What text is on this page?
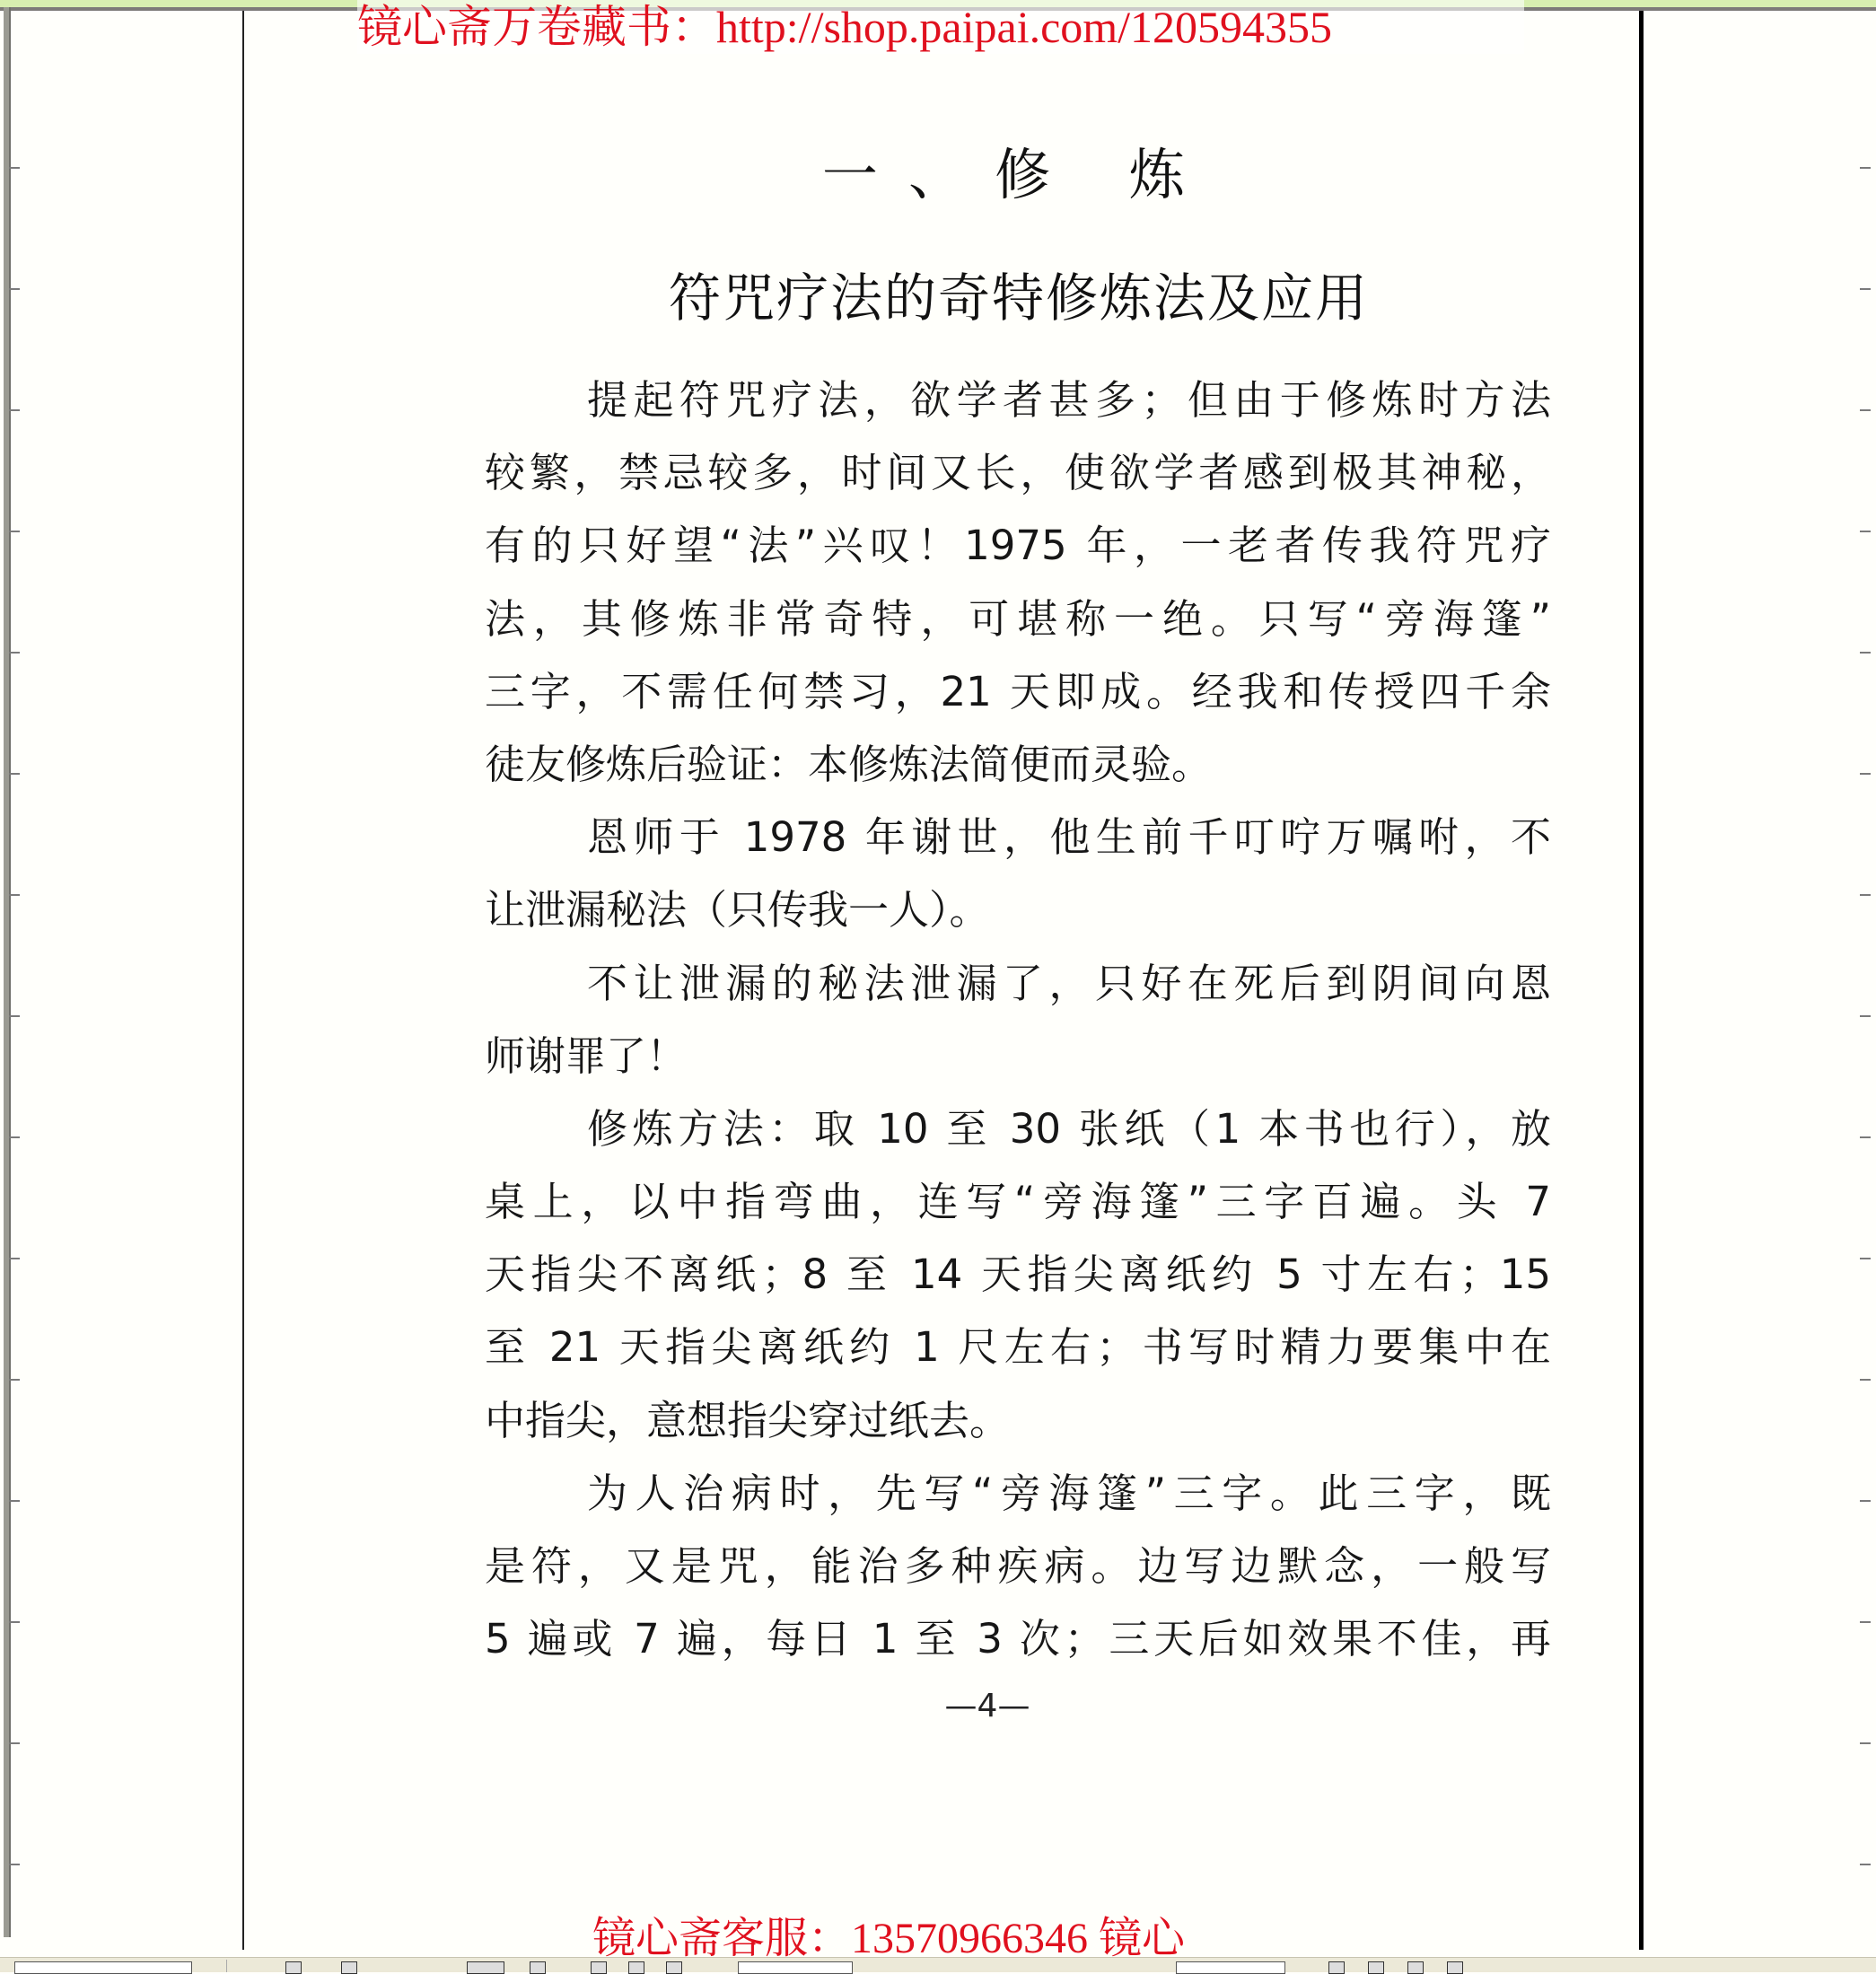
镜心斋万卷藏书：http://shop.paipai.com/120594355
一、修 炼
符咒疗法的奇特修炼法及应用
提起符咒疗法，欲学者甚多；但由于修炼时方法
较繁，禁忌较多，时间又长，使欲学者感到极其神秘，
有的只好望“法”兴叹！1975 年，一老者传我符咒疗
法，其修炼非常奇特，可堪称一绝。只写“旁海篷”
三字，不需任何禁习，21 天即成。经我和传授四千余
徒友修炼后验证：本修炼法简便而灵验。
恩师于 1978 年谢世，他生前千叮咛万嘱咐，不
让泄漏秘法（只传我一人）。
不让泄漏的秘法泄漏了，只好在死后到阴间向恩
师谢罪了！
修炼方法：取 10 至 30 张纸（1 本书也行），放
桌上，以中指弯曲，连写“旁海篷”三字百遍。头 7
天指尖不离纸；8 至 14 天指尖离纸约 5 寸左右；15
至 21 天指尖离纸约 1 尺左右；书写时精力要集中在
中指尖，意想指尖穿过纸去。
为人治病时，先写“旁海篷”三字。此三字，既
是符，又是咒，能治多种疾病。边写边默念，一般写
5 遍或 7 遍，每日 1 至 3 次；三天后如效果不佳，再
—4—
镜心斋客服：13570966346 镜心
